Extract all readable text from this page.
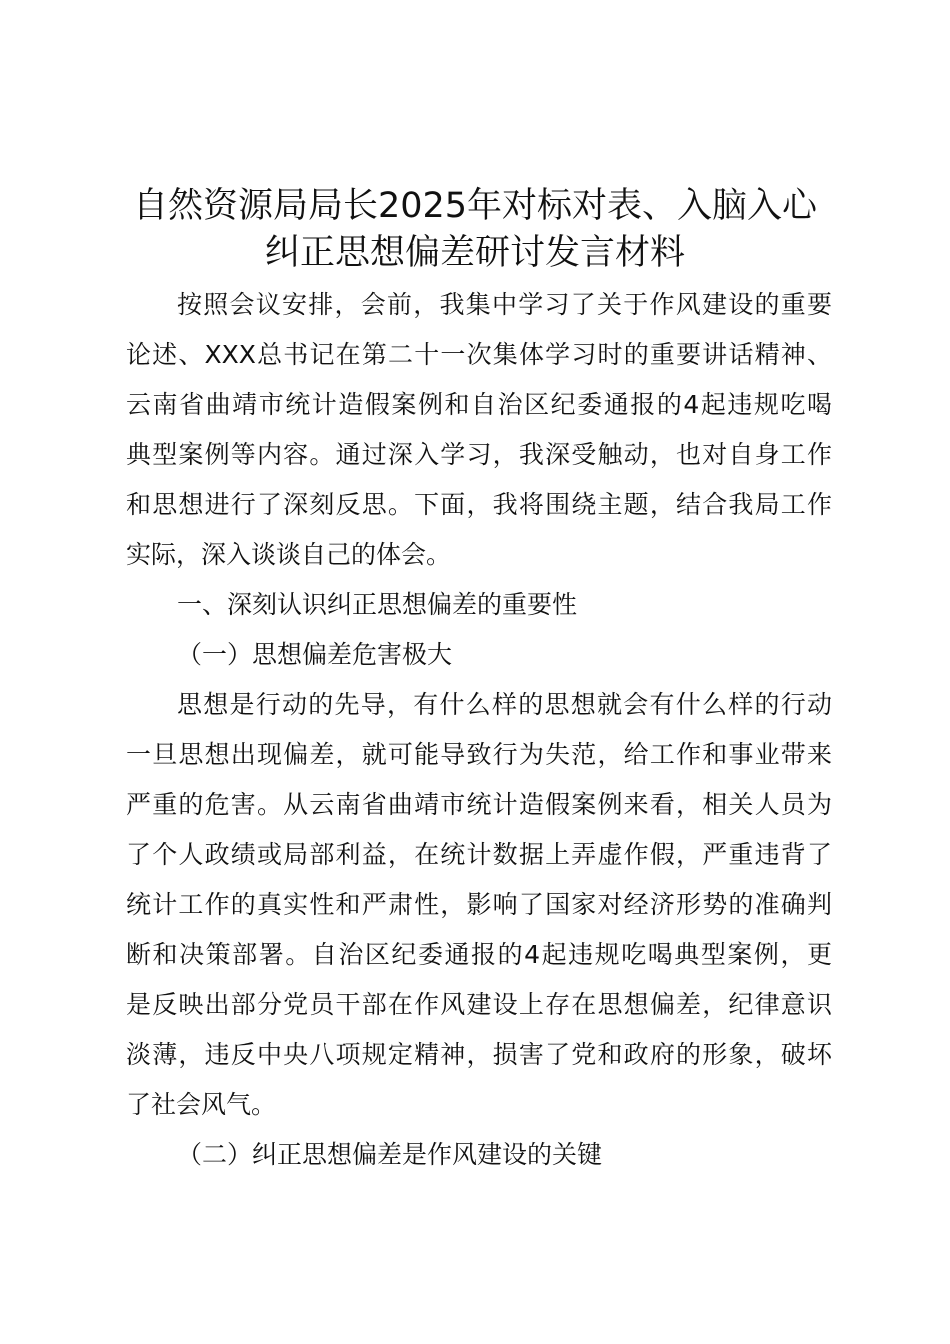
自然资源局局长2025年对标对表、入脑入心
纠正思想偏差研讨发言材料
按照会议安排，会前，我集中学习了关于作风建设的重要
论述、XXX总书记在第二十一次集体学习时的重要讲话精神、
云南省曲靖市统计造假案例和自治区纪委通报的4起违规吃喝
典型案例等内容。通过深入学习，我深受触动，也对自身工作
和思想进行了深刻反思。下面，我将围绕主题，结合我局工作
实际，深入谈谈自己的体会。
一、深刻认识纠正思想偏差的重要性
（一）思想偏差危害极大
思想是行动的先导，有什么样的思想就会有什么样的行动
一旦思想出现偏差，就可能导致行为失范，给工作和事业带来
严重的危害。从云南省曲靖市统计造假案例来看，相关人员为
了个人政绩或局部利益，在统计数据上弄虚作假，严重违背了
统计工作的真实性和严肃性，影响了国家对经济形势的准确判
断和决策部署。自治区纪委通报的4起违规吃喝典型案例，更
是反映出部分党员干部在作风建设上存在思想偏差，纪律意识
淡薄，违反中央八项规定精神，损害了党和政府的形象，破坏
了社会风气。
（二）纠正思想偏差是作风建设的关键
